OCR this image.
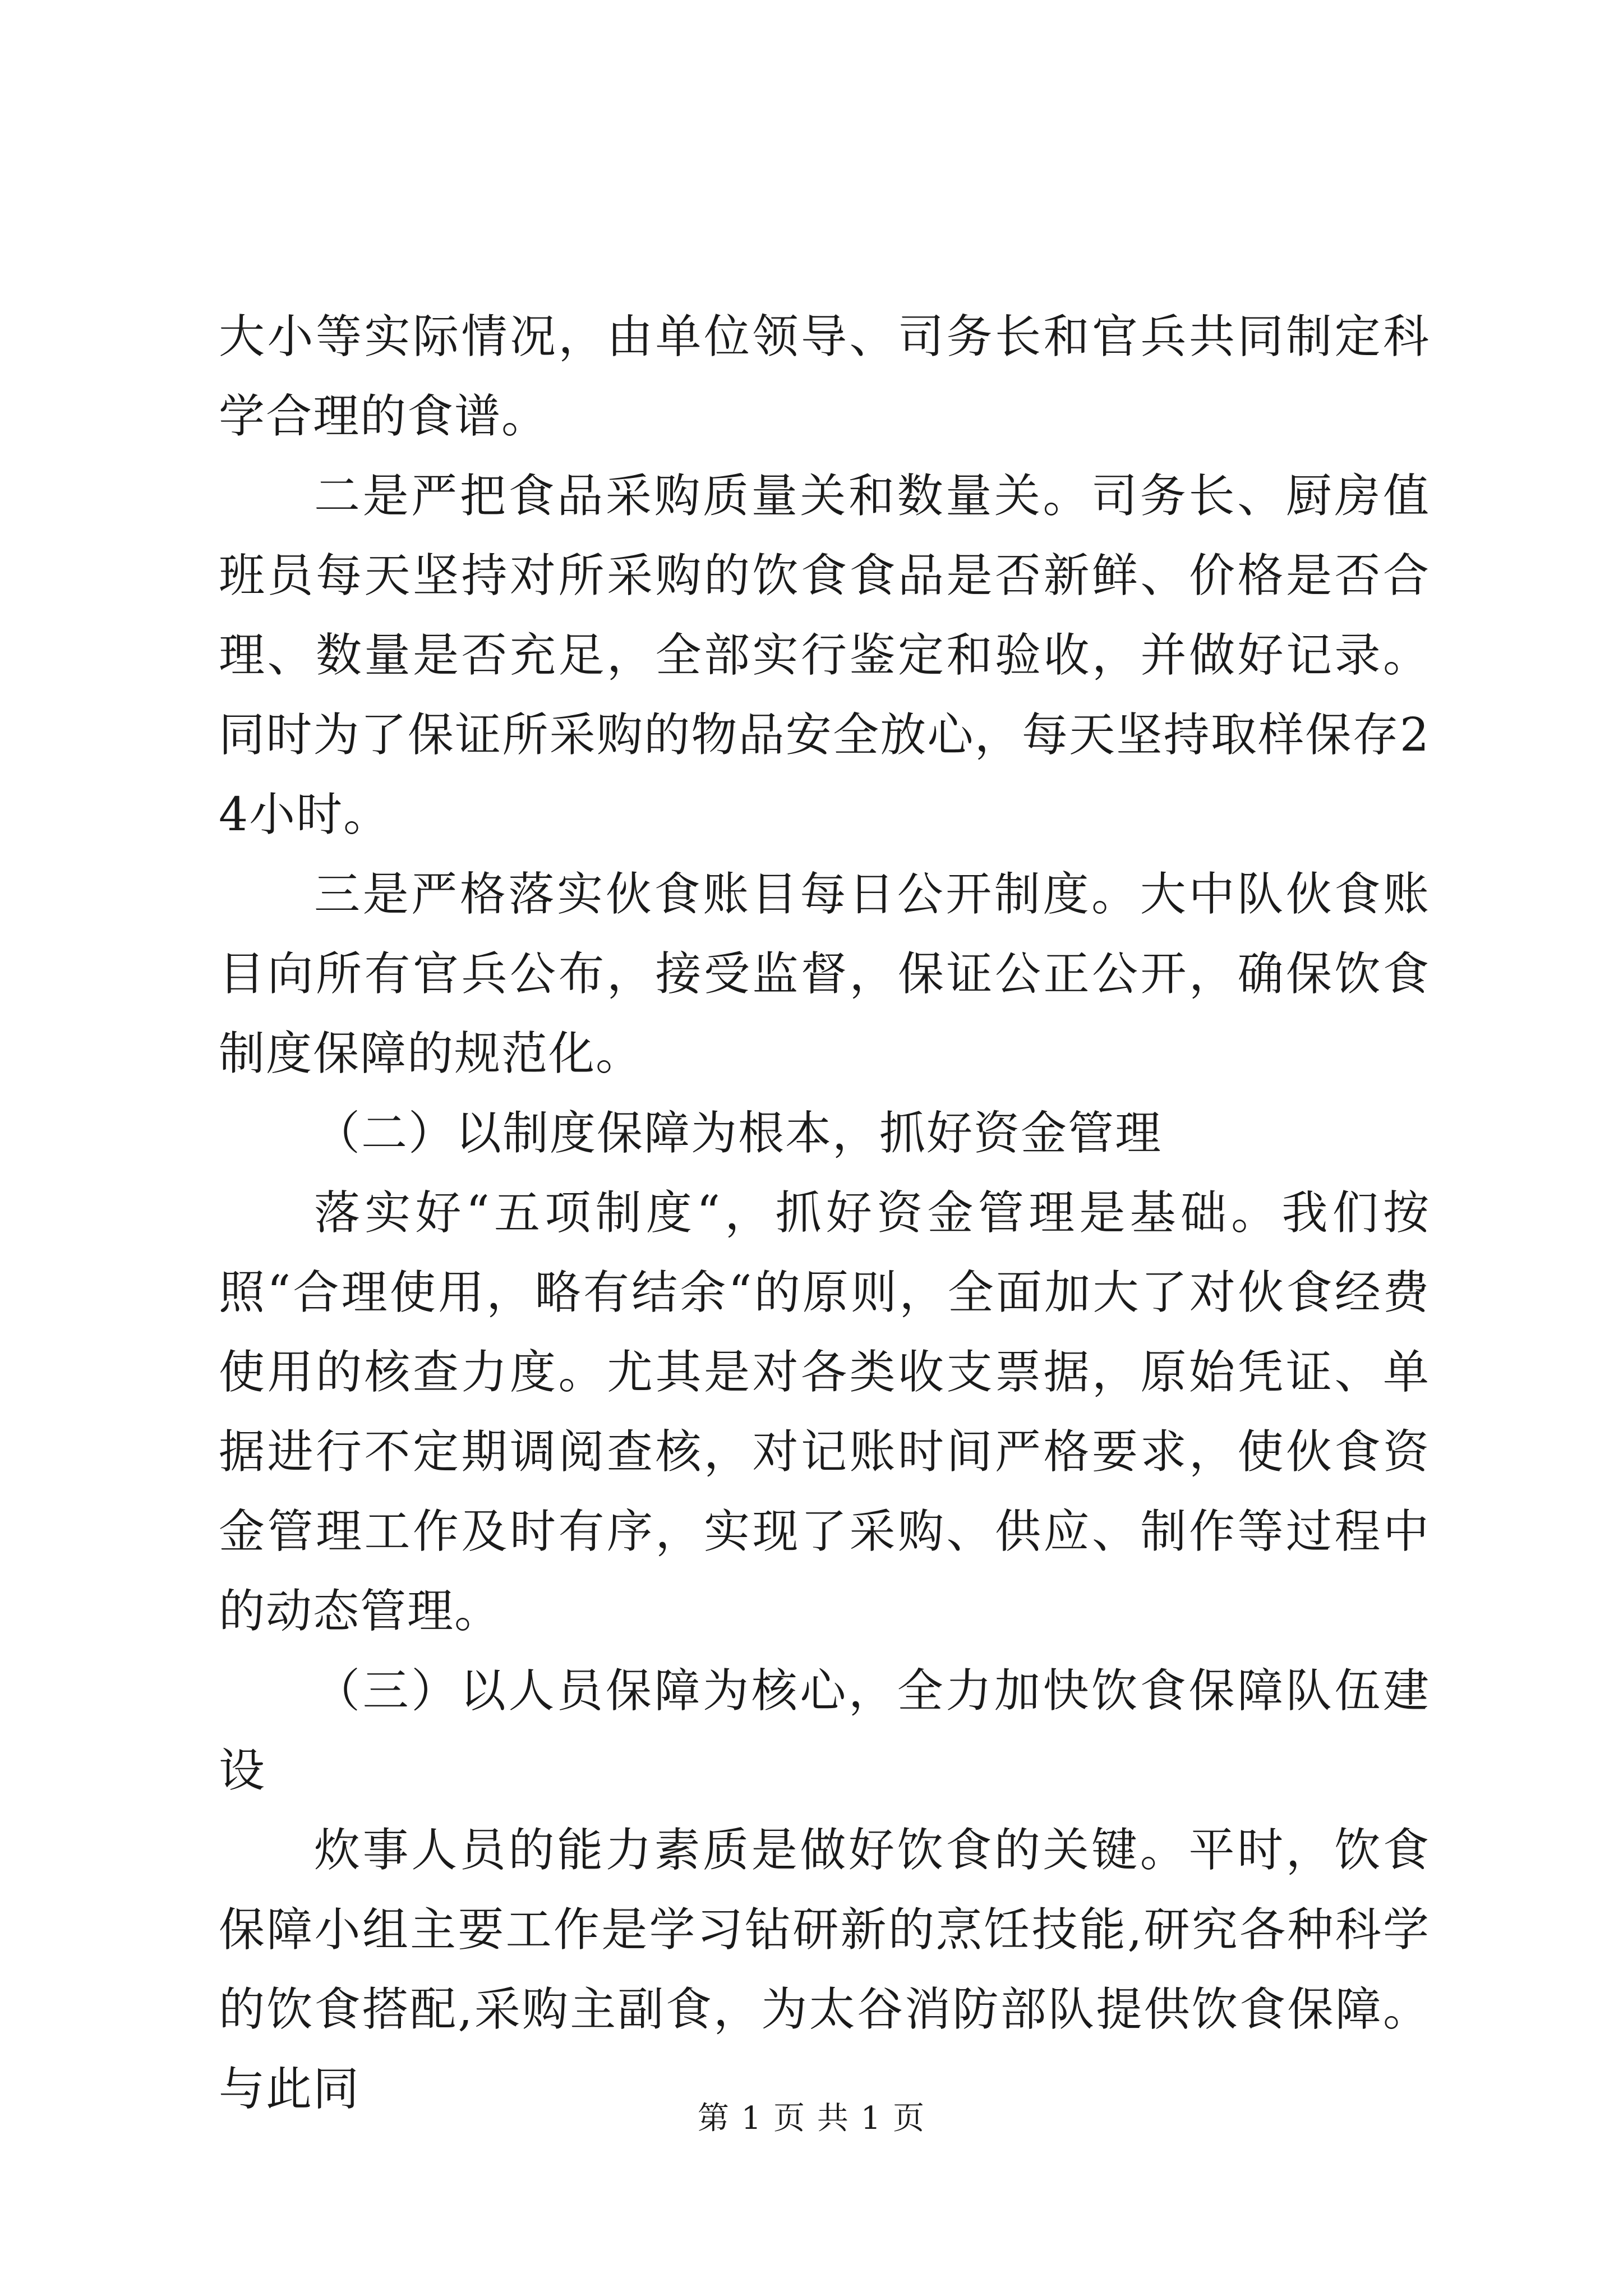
大小等实际情况，由单位领导、司务长和官兵共同制定科学合理的食谱。

二是严把食品采购质量关和数量关。司务长、厨房值班员每天坚持对所采购的饮食食品是否新鲜、价格是否合理、数量是否充足，全部实行鉴定和验收，并做好记录。同时为了保证所采购的物品安全放心，每天坚持取样保存24小时。

三是严格落实伙食账目每日公开制度。大中队伙食账目向所有官兵公布，接受监督，保证公正公开，确保饮食制度保障的规范化。

（二）以制度保障为根本，抓好资金管理

落实好“五项制度“，抓好资金管理是基础。我们按照“合理使用，略有结余“的原则，全面加大了对伙食经费使用的核查力度。尤其是对各类收支票据，原始凭证、单据进行不定期调阅查核，对记账时间严格要求，使伙食资金管理工作及时有序，实现了采购、供应、制作等过程中的动态管理。

（三）以人员保障为核心，全力加快饮食保障队伍建设

炊事人员的能力素质是做好饮食的关键。平时，饮食保障小组主要工作是学习钻研新的烹饪技能,研究各种科学的饮食搭配,采购主副食，为太谷消防部队提供饮食保障。与此同

第 1 页 共 1 页
